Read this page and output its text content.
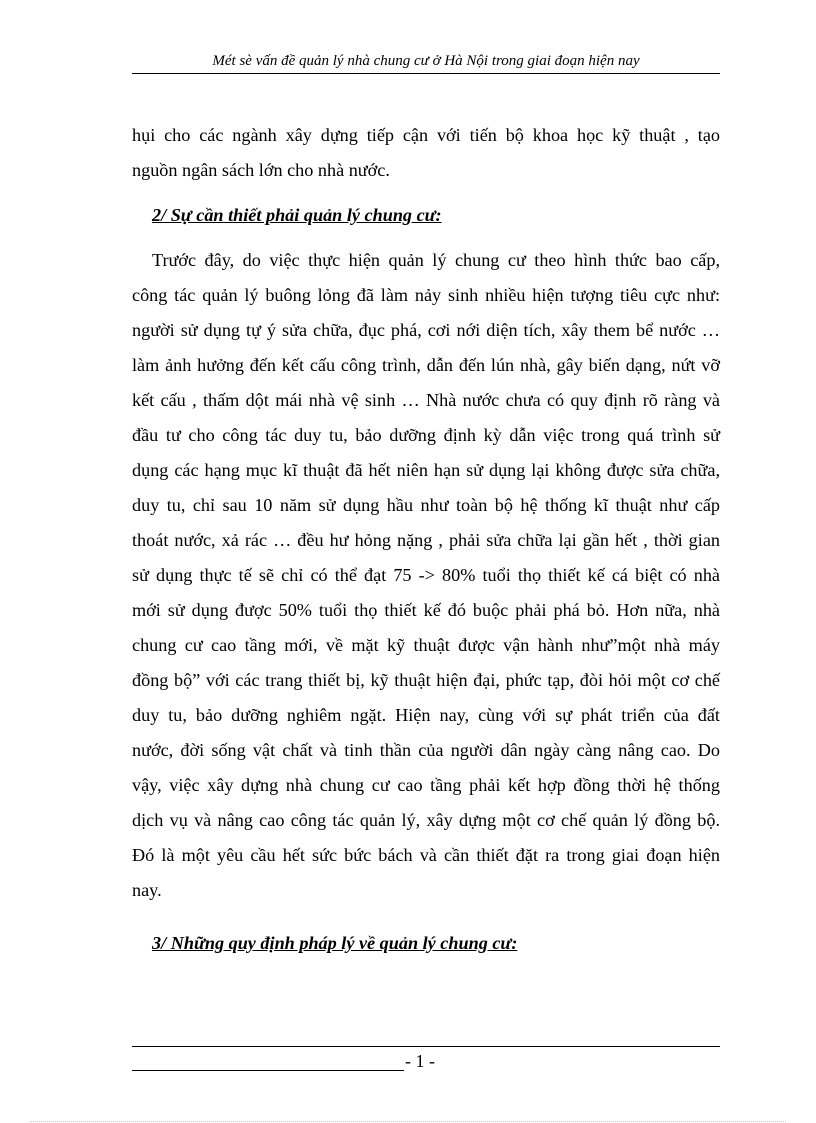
Mét sè vấn đề quản lý nhà chung cư ở Hà Nội trong giai đoạn hiện nay

hụi cho các ngành xây dựng tiếp cận với tiến bộ khoa học kỹ thuật , tạo
nguồn ngân sách lớn cho nhà nước.

2/ Sự cần thiết phải quản lý chung cư:

Trước đây, do việc thực hiện quản lý chung cư theo hình thức bao cấp,
công tác quản lý buông lỏng đã làm nảy sinh nhiều hiện tượng tiêu cực như:
người sử dụng tự ý sửa chữa, đục phá, cơi nới diện tích, xây them bể nước …
làm ảnh hưởng đến kết cấu công trình, dẫn đến lún nhà, gây biến dạng, nứt vỡ
kết cấu , thấm dột mái nhà vệ sinh … Nhà nước chưa có quy định rõ ràng và
đầu tư cho công tác duy tu, bảo dưỡng định kỳ dẫn việc trong quá trình sử
dụng các hạng mục kĩ thuật đã hết niên hạn sử dụng lại không được sửa chữa,
duy tu, chỉ sau 10 năm sử dụng hầu như toàn bộ hệ thống kĩ thuật như cấp
thoát nước, xả rác … đều hư hỏng nặng , phải sửa chữa lại gần hết , thời gian
sử dụng thực tế sẽ chỉ có thể đạt 75 -> 80% tuổi thọ thiết kế cá biệt có nhà
mới sử dụng được 50% tuổi thọ thiết kế đó buộc phải phá bỏ. Hơn nữa, nhà
chung cư cao tầng mới, về mặt kỹ thuật được vận hành như”một nhà máy
đồng bộ” với các trang thiết bị, kỹ thuật hiện đại, phức tạp, đòi hỏi một cơ chế
duy tu, bảo dưỡng nghiêm ngặt. Hiện nay, cùng với sự phát triển của đất
nước, đời sống vật chất và tinh thần của người dân ngày càng nâng cao. Do
vậy, việc xây dựng nhà chung cư cao tầng phải kết hợp đồng thời hệ thống
dịch vụ và nâng cao công tác quản lý, xây dựng một cơ chế quản lý đồng bộ.
Đó là một yêu cầu hết sức bức bách và cần thiết đặt ra trong giai đoạn hiện
nay.

3/ Những quy định pháp lý về quản lý chung cư:

- 1 -
